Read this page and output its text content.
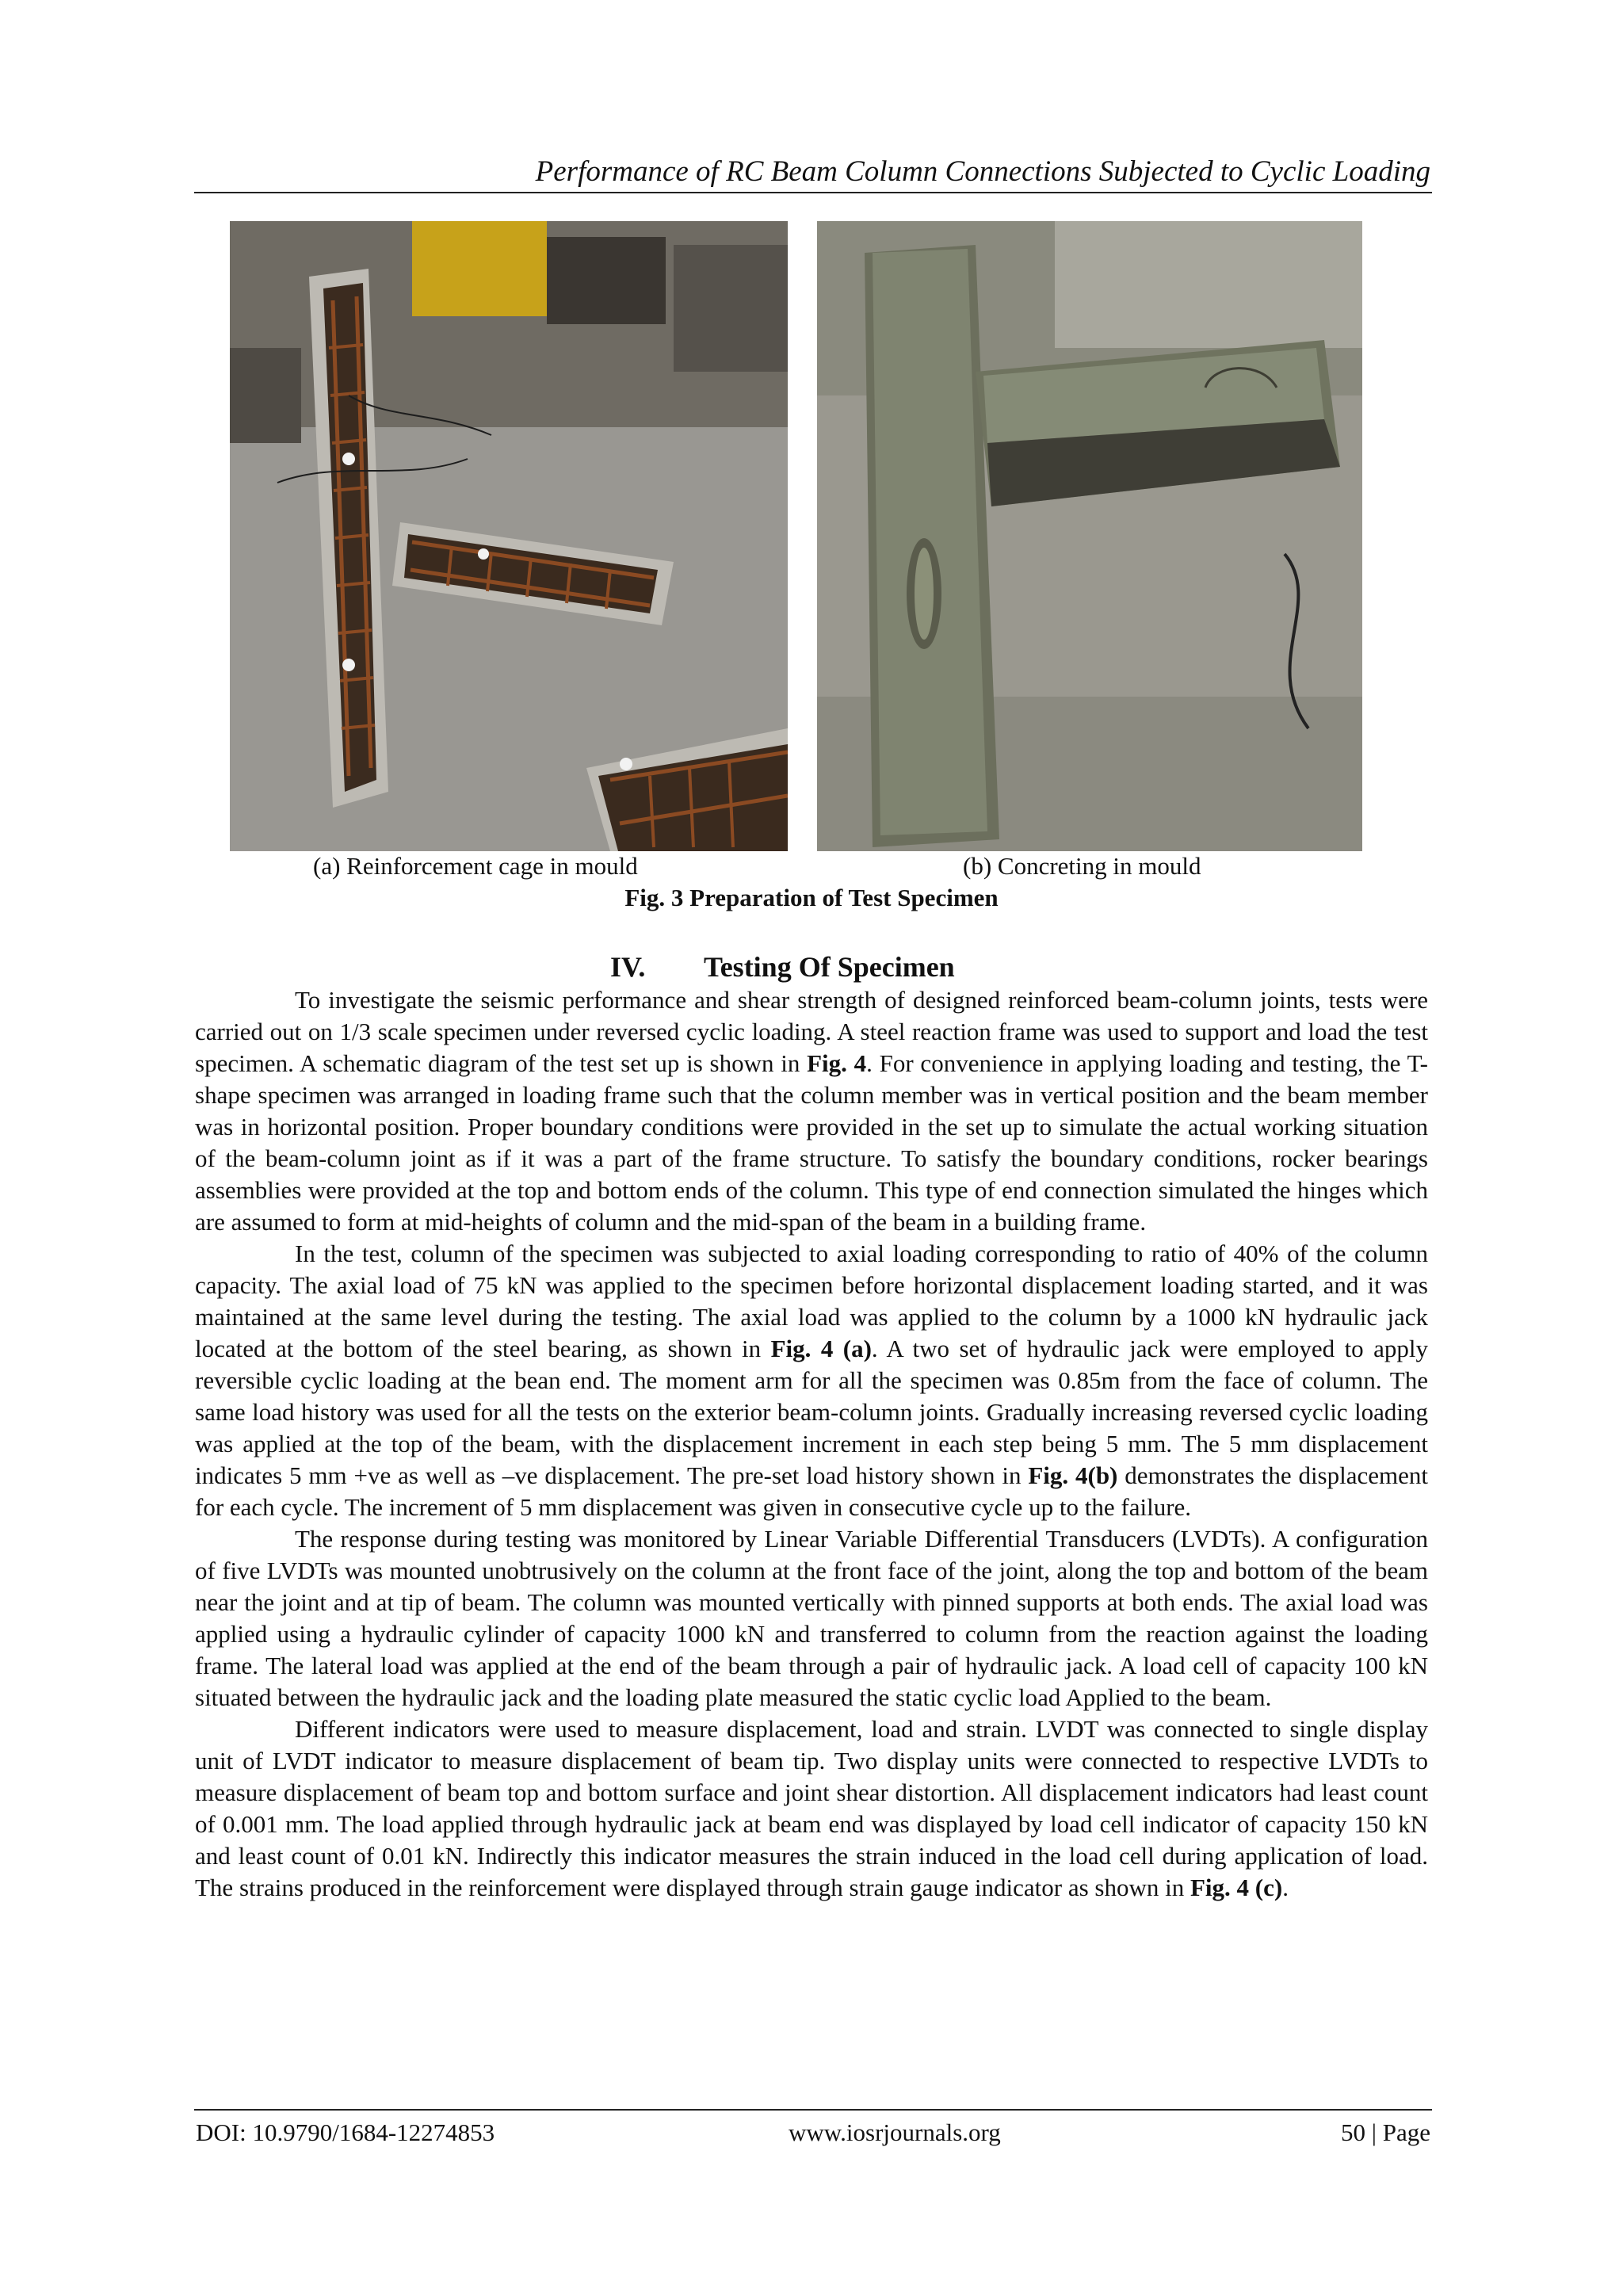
Performance of RC Beam Column Connections Subjected to Cyclic Loading
(a) Reinforcement cage in mould	(b) Concreting in mould
Fig. 3 Preparation of Test Specimen
IV. Testing Of Specimen

To investigate the seismic performance and shear strength of designed reinforced beam-column joints, tests were carried out on 1/3 scale specimen under reversed cyclic loading. A steel reaction frame was used to support and load the test specimen. A schematic diagram of the test set up is shown in Fig. 4. For convenience in applying loading and testing, the T-shape specimen was arranged in loading frame such that the column member was in vertical position and the beam member was in horizontal position. Proper boundary conditions were provided in the set up to simulate the actual working situation of the beam-column joint as if it was a part of the frame structure. To satisfy the boundary conditions, rocker bearings assemblies were provided at the top and bottom ends of the column. This type of end connection simulated the hinges which are assumed to form at mid-heights of column and the mid-span of the beam in a building frame.

In the test, column of the specimen was subjected to axial loading corresponding to ratio of 40% of the column capacity. The axial load of 75 kN was applied to the specimen before horizontal displacement loading started, and it was maintained at the same level during the testing. The axial load was applied to the column by a 1000 kN hydraulic jack located at the bottom of the steel bearing, as shown in Fig. 4 (a). A two set of hydraulic jack were employed to apply reversible cyclic loading at the bean end. The moment arm for all the specimen was 0.85m from the face of column. The same load history was used for all the tests on the exterior beam-column joints. Gradually increasing reversed cyclic loading was applied at the top of the beam, with the displacement increment in each step being 5 mm. The 5 mm displacement indicates 5 mm +ve as well as –ve displacement. The pre-set load history shown in Fig. 4(b) demonstrates the displacement for each cycle. The increment of 5 mm displacement was given in consecutive cycle up to the failure.

The response during testing was monitored by Linear Variable Differential Transducers (LVDTs). A configuration of five LVDTs was mounted unobtrusively on the column at the front face of the joint, along the top and bottom of the beam near the joint and at tip of beam. The column was mounted vertically with pinned supports at both ends. The axial load was applied using a hydraulic cylinder of capacity 1000 kN and transferred to column from the reaction against the loading frame. The lateral load was applied at the end of the beam through a pair of hydraulic jack. A load cell of capacity 100 kN situated between the hydraulic jack and the loading plate measured the static cyclic load Applied to the beam.

Different indicators were used to measure displacement, load and strain. LVDT was connected to single display unit of LVDT indicator to measure displacement of beam tip. Two display units were connected to respective LVDTs to measure displacement of beam top and bottom surface and joint shear distortion. All displacement indicators had least count of 0.001 mm. The load applied through hydraulic jack at beam end was displayed by load cell indicator of capacity 150 kN and least count of 0.01 kN. Indirectly this indicator measures the strain induced in the load cell during application of load. The strains produced in the reinforcement were displayed through strain gauge indicator as shown in Fig. 4 (c).

DOI: 10.9790/1684-12274853	www.iosrjournals.org	50 | Page
